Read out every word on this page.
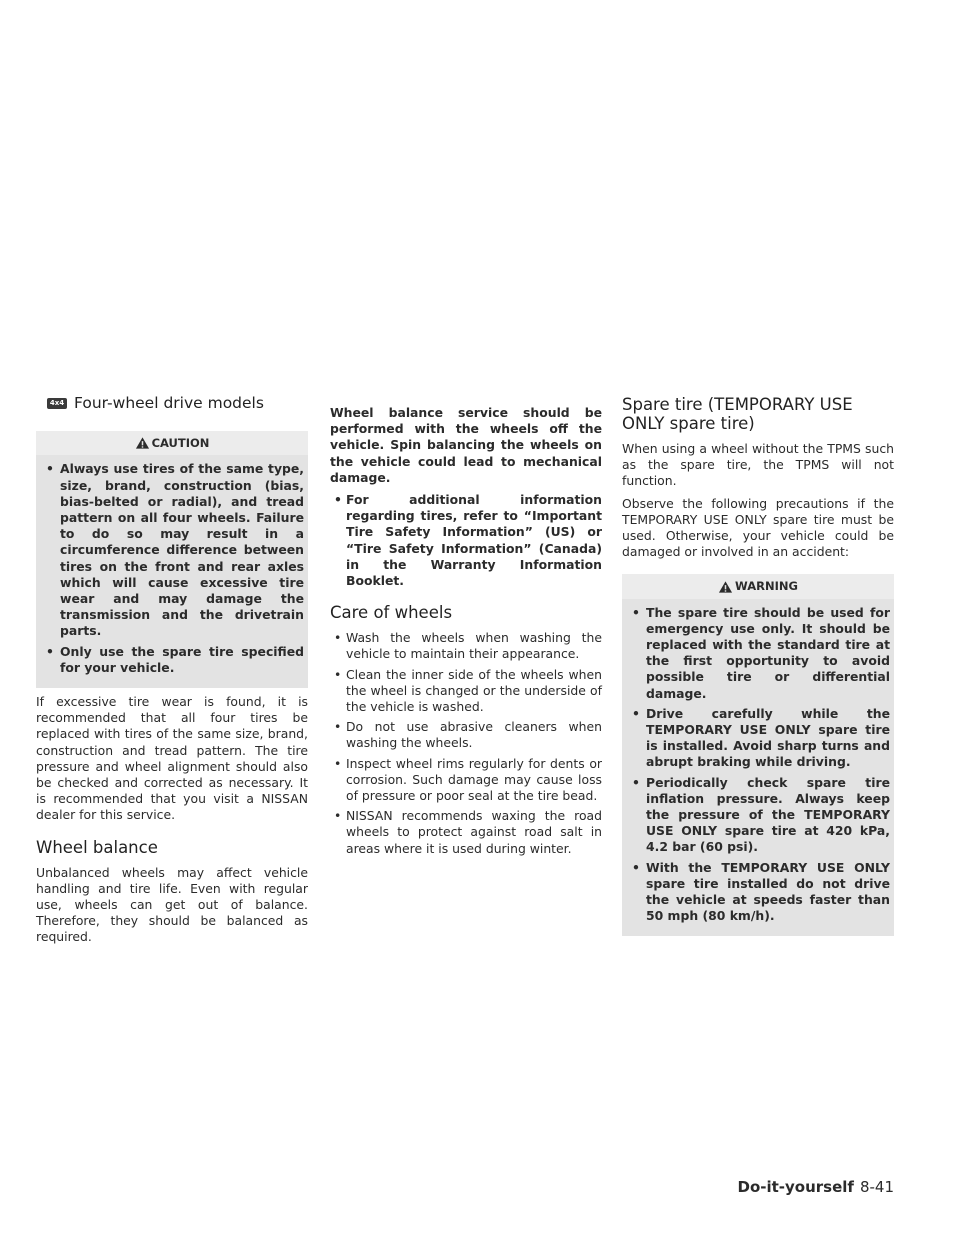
4x4 Four-wheel drive models
CAUTION
• Always use tires of the same type, size, brand, construction (bias, bias-belted or radial), and tread pattern on all four wheels. Failure to do so may result in a circumference difference between tires on the front and rear axles which will cause excessive tire wear and may damage the transmission and the drivetrain parts.
• Only use the spare tire specified for your vehicle.

If excessive tire wear is found, it is recommended that all four tires be replaced with tires of the same size, brand, construction and tread pattern. The tire pressure and wheel alignment should also be checked and corrected as necessary. It is recommended that you visit a NISSAN dealer for this service.

Wheel balance

Unbalanced wheels may affect vehicle handling and tire life. Even with regular use, wheels can get out of balance. Therefore, they should be balanced as required.

Wheel balance service should be performed with the wheels off the vehicle. Spin balancing the wheels on the vehicle could lead to mechanical damage.

• For additional information regarding tires, refer to “Important Tire Safety Information” (US) or “Tire Safety Information” (Canada) in the Warranty Information Booklet.
Care of wheels
• Wash the wheels when washing the vehicle to maintain their appearance.
• Clean the inner side of the wheels when the wheel is changed or the underside of the vehicle is washed.
• Do not use abrasive cleaners when washing the wheels.
• Inspect wheel rims regularly for dents or corrosion. Such damage may cause loss of pressure or poor seal at the tire bead.
• NISSAN recommends waxing the road wheels to protect against road salt in areas where it is used during winter.
Spare tire (TEMPORARY USE ONLY spare tire)

When using a wheel without the TPMS such as the spare tire, the TPMS will not function.

Observe the following precautions if the TEMPORARY USE ONLY spare tire must be used. Otherwise, your vehicle could be damaged or involved in an accident:

WARNING
• The spare tire should be used for emergency use only. It should be replaced with the standard tire at the first opportunity to avoid possible tire or differential damage.
• Drive carefully while the TEMPORARY USE ONLY spare tire is installed. Avoid sharp turns and abrupt braking while driving.
• Periodically check spare tire inflation pressure. Always keep the pressure of the TEMPORARY USE ONLY spare tire at 420 kPa, 4.2 bar (60 psi).
• With the TEMPORARY USE ONLY spare tire installed do not drive the vehicle at speeds faster than 50 mph (80 km/h).
Do-it-yourself 8-41
